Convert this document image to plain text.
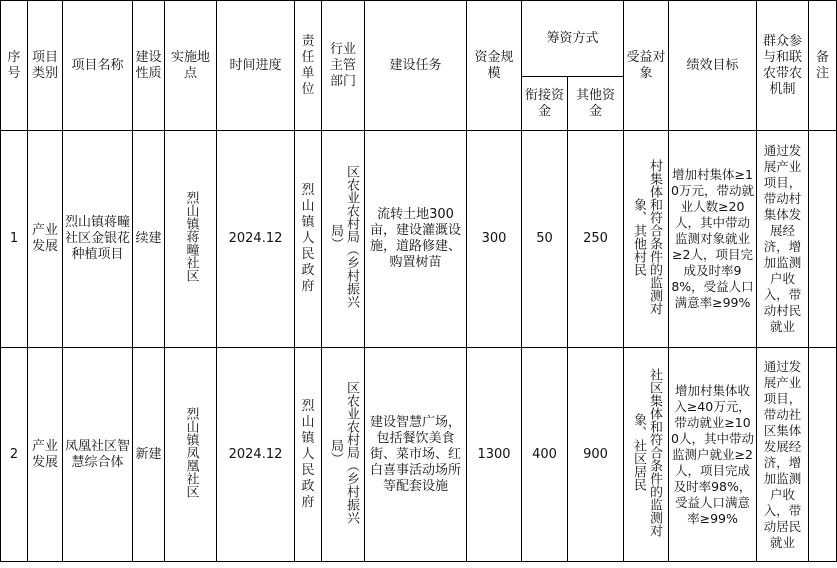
序号	项目类别	项目名称	建设性质	实施地点	时间进度	责任单位	行业主管部门	建设任务	资金规模	筹资方式		受益对象	绩效目标	群众参与和联农带农机制	备注
										衔接资金	其他资金				
1	产业发展	烈山镇蒋疃社区金银花种植项目	续建	烈山镇蒋疃社区	2024.12	烈山镇人民政府	区农业农村局（乡村振兴局）	流转土地300亩，建设灌溉设施，道路修建、购置树苗	300	50	250	村集体和符合条件的监测对象、其他村民	增加村集体≥10万元，带动就业人数≥20人，其中带动监测对象就业≥2人，项目完成及时率98%，受益人口满意率≥99%	通过发展产业项目，带动村集体发展经济，增加监测户收入，带动村民就业	
2	产业发展	凤凰社区智慧综合体	新建	烈山镇凤凰社区	2024.12	烈山镇人民政府	区农业农村局（乡村振兴局）	建设智慧广场，包括餐饮美食街、菜市场、红白喜事活动场所等配套设施	1300	400	900	社区集体和符合条件的监测对象、社区居民	增加村集体收入≥40万元，带动就业≥100人，其中带动监测户就业≥2人，项目完成及时率98%，受益人口满意率≥99%	通过发展产业项目，带动社区集体发展经济，增加监测户收入，带动居民就业	
